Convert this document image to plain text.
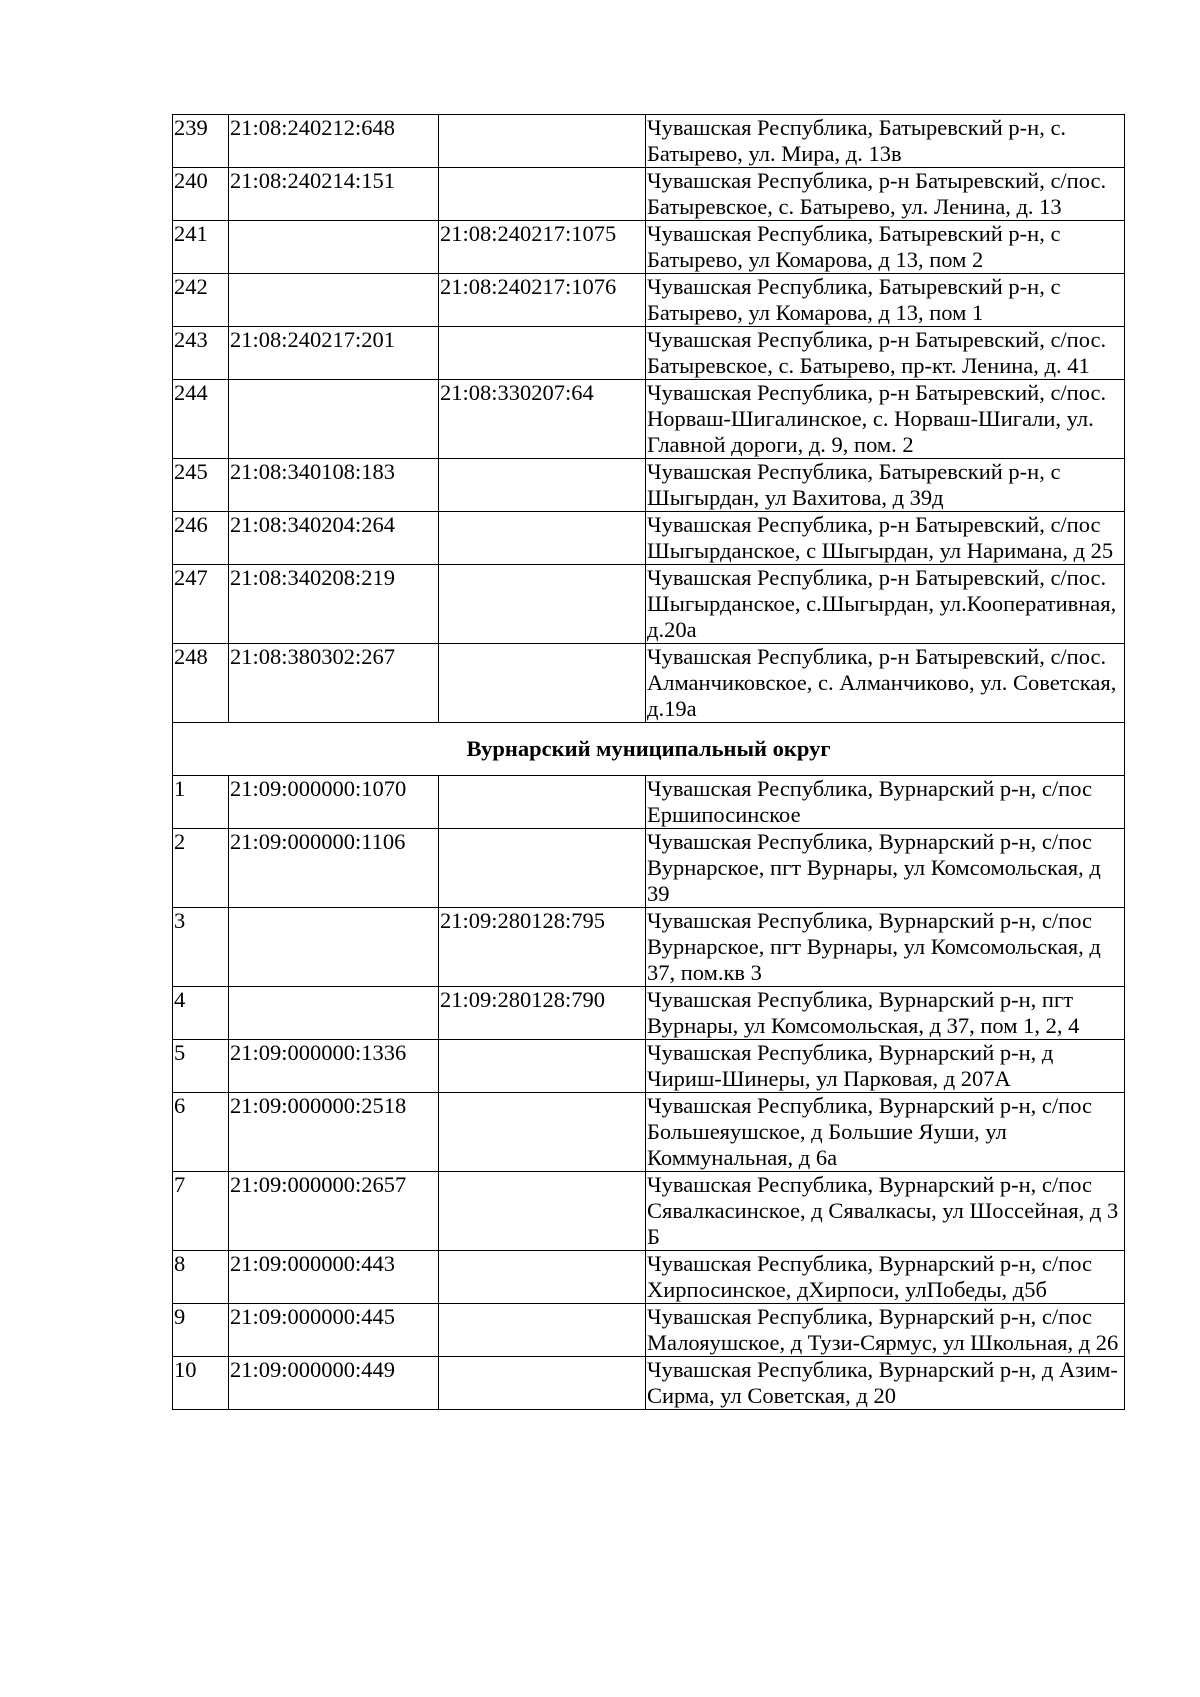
239	21:08:240212:648		Чувашская Республика, Батыревский р-н, с. Батырево, ул. Мира, д. 13в
240	21:08:240214:151		Чувашская Республика, р-н Батыревский, с/пос. Батыревское, с. Батырево, ул. Ленина, д. 13
241		21:08:240217:1075	Чувашская Республика, Батыревский р-н, с Батырево, ул Комарова, д 13, пом 2
242		21:08:240217:1076	Чувашская Республика, Батыревский р-н, с Батырево, ул Комарова, д 13, пом 1
243	21:08:240217:201		Чувашская Республика, р-н Батыревский, с/пос. Батыревское, с. Батырево, пр-кт. Ленина, д. 41
244		21:08:330207:64	Чувашская Республика, р-н Батыревский, с/пос. Норваш-Шигалинское, с. Норваш-Шигали, ул. Главной дороги, д. 9, пом. 2
245	21:08:340108:183		Чувашская Республика, Батыревский р-н, с Шыгырдан, ул Вахитова, д 39д
246	21:08:340204:264		Чувашская Республика, р-н Батыревский, с/пос Шыгырданское, с Шыгырдан, ул Наримана, д 25
247	21:08:340208:219		Чувашская Республика, р-н Батыревский, с/пос. Шыгырданское, с.Шыгырдан, ул.Кооперативная, д.20а
248	21:08:380302:267		Чувашская Республика, р-н Батыревский, с/пос. Алманчиковское, с. Алманчиково, ул. Советская, д.19а
Вурнарский муниципальный округ			
1	21:09:000000:1070		Чувашская Республика, Вурнарский р-н, с/пос Ершипосинское
2	21:09:000000:1106		Чувашская Республика, Вурнарский р-н, с/пос Вурнарское, пгт Вурнары, ул Комсомольская, д 39
3		21:09:280128:795	Чувашская Республика, Вурнарский р-н, с/пос Вурнарское, пгт Вурнары, ул Комсомольская, д 37, пом.кв 3
4		21:09:280128:790	Чувашская Республика, Вурнарский р-н, пгт Вурнары, ул Комсомольская, д 37, пом 1, 2, 4
5	21:09:000000:1336		Чувашская Республика, Вурнарский р-н, д Чириш-Шинеры, ул Парковая, д 207А
6	21:09:000000:2518		Чувашская Республика, Вурнарский р-н, с/пос Большеяушское, д Большие Яуши, ул Коммунальная, д 6а
7	21:09:000000:2657		Чувашская Республика, Вурнарский р-н, с/пос Сявалкасинское, д Сявалкасы, ул Шоссейная, д 3 Б
8	21:09:000000:443		Чувашская Республика, Вурнарский р-н, с/пос Хирпосинское, дХирпоси, улПобеды, д5б
9	21:09:000000:445		Чувашская Республика, Вурнарский р-н, с/пос Малояушское, д Тузи-Сярмус, ул Школьная, д 26
10	21:09:000000:449		Чувашская Республика, Вурнарский р-н, д Азим-Сирма, ул Советская, д 20
